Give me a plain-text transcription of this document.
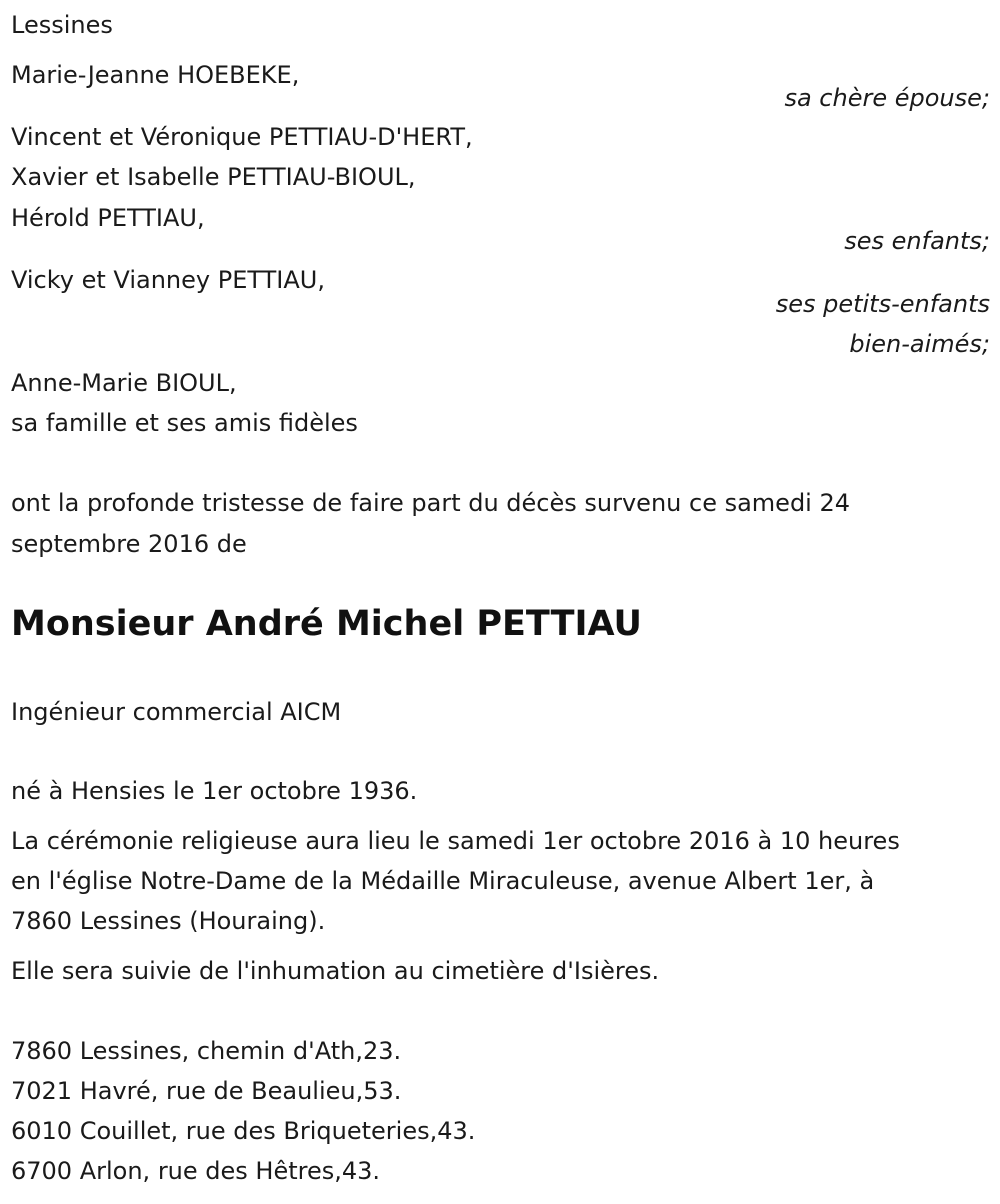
Lessines

Marie-Jeanne HOEBEKE,

sa chère épouse;

Vincent et Véronique PETTIAU-D'HERT,

Xavier et Isabelle PETTIAU-BIOUL,

Hérold PETTIAU,

ses enfants;

Vicky et Vianney PETTIAU,

ses petits-enfants

bien-aimés;

Anne-Marie BIOUL,

sa famille et ses amis fidèles

ont la profonde tristesse de faire part du décès survenu ce samedi 24

septembre 2016 de

Monsieur André Michel PETTIAU

Ingénieur commercial AICM

né à Hensies le 1er octobre 1936.

La cérémonie religieuse aura lieu le samedi 1er octobre 2016 à 10 heures

en l'église Notre-Dame de la Médaille Miraculeuse, avenue Albert 1er, à

7860 Lessines (Houraing).

Elle sera suivie de l'inhumation au cimetière d'Isières.

7860 Lessines, chemin d'Ath,23.

7021 Havré, rue de Beaulieu,53.

6010 Couillet, rue des Briqueteries,43.

6700 Arlon, rue des Hêtres,43.
